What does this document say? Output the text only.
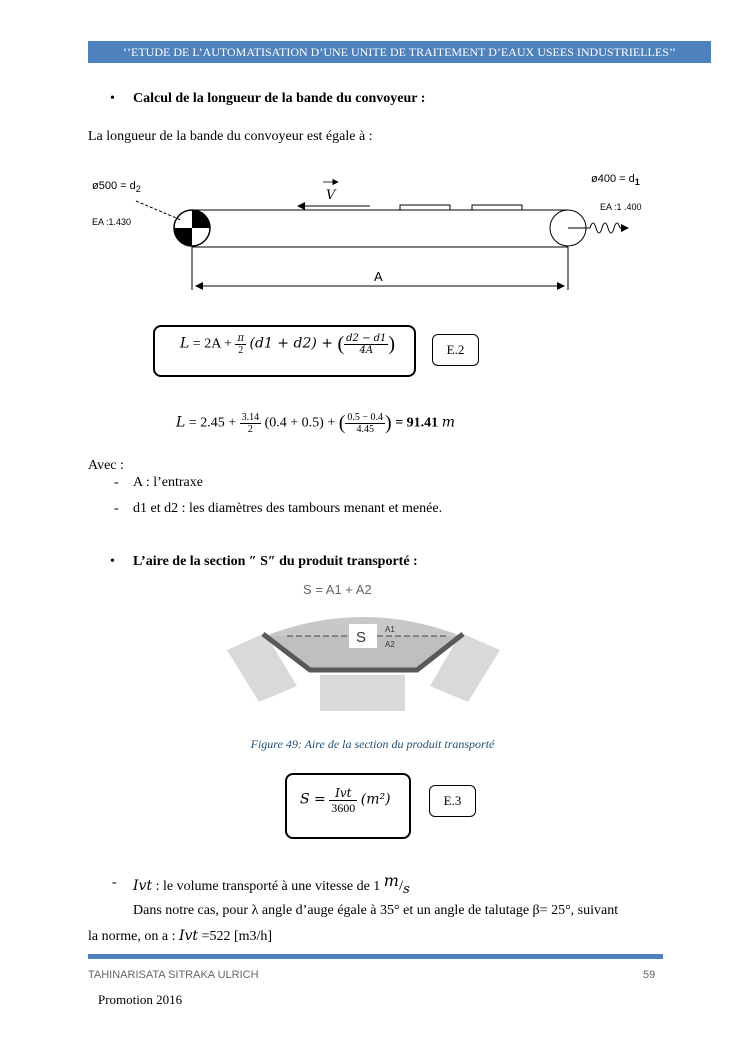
‘’ETUDE DE L’AUTOMATISATION D’UNE UNITE DE TRAITEMENT D’EAUX USEES INDUSTRIELLES’’
• Calcul de la longueur de la bande du convoyeur :
La longueur de la bande du convoyeur est égale à :
V
ø500 = $d_2$
EA :1.430
ø400 = $d_1$
EA :1 .400
A
$L = 2A + \frac{\pi}{2} (d1 + d2)$ + ( $\frac{d2 - d1}{4A}$ )	E.2
$L = 2.45 + \frac{3.14}{2} (0.4 + 0.5)$ + ( $\frac{0.5 - 0.4}{4.45}$ ) = 91.41 m
Avec :
- A : l’entraxe
- d1 et d2 : les diamètres des tambours menant et menée.
• L’aire de la section ″ S″ du produit transporté :
S = A1 + A2
S A1
A2
Figure 49: Aire de la section du produit transporté
$S = \frac{\text{Ivt}}{3600} (m^2)$	E.3
- Ivt : le volume transporté à une vitesse de 1 m/s
Dans notre cas, pour λ angle d’auge égale à 35° et un angle de talutage β= 25°, suivant
la norme, on a : Ivt =522 [m3/h]
TAHINARISATA SITRAKA ULRICH	59
Promotion 2016
